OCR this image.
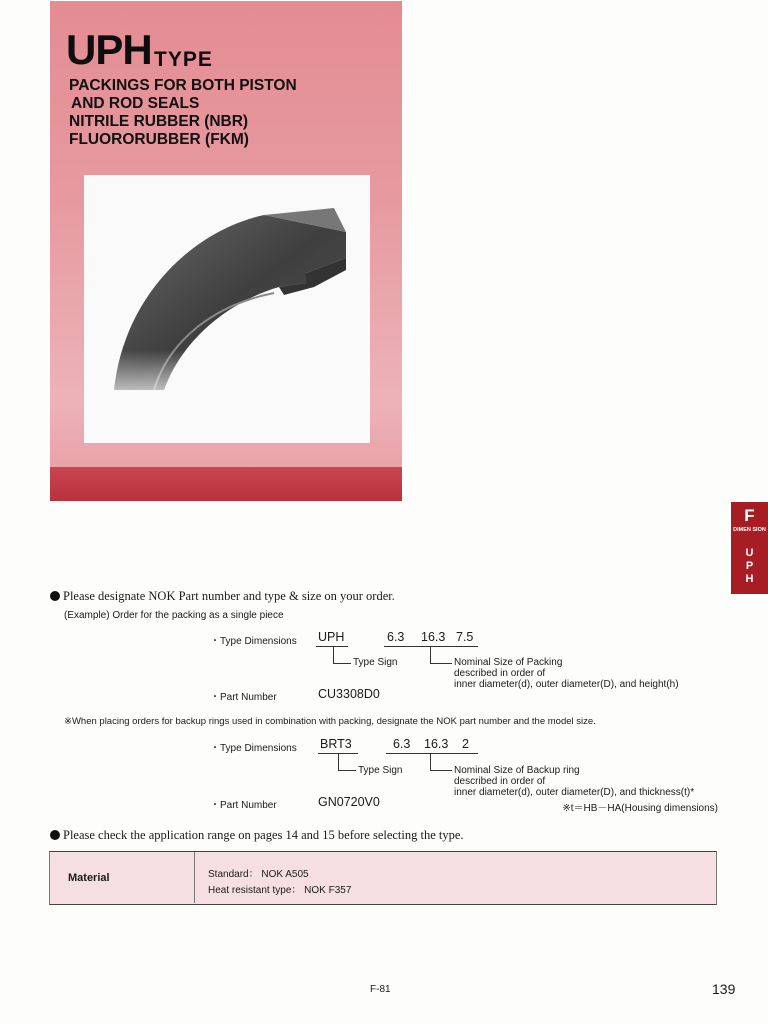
UPH TYPE
PACKINGS FOR BOTH PISTON
AND ROD SEALS
NITRILE RUBBER (NBR)
FLUORORUBBER (FKM)
F
DIMEN SION
U
P
H
Please designate NOK Part number and type & size on your order.
(Example) Order for the packing as a single piece
・Type Dimensions UPH	6.3 16.3 7.5
Type Sign	Nominal Size of Packing
described in order of
inner diameter(d), outer diameter(D), and height(h)
・Part Number	CU3308D0
※When placing orders for backup rings used in combination with packing, designate the NOK part number and the model size.
・Type Dimensions BRT3	6.3 16.3 2
Type Sign	Nominal Size of Backup ring
described in order of
inner diameter(d), outer diameter(D), and thickness(t)*
・Part Number	GN0720V0	※t＝HB－HA(Housing dimensions)
Please check the application range on pages 14 and 15 before selecting the type.
Material	Standard： NOK A505
Heat resistant type： NOK F357
F-81	139
